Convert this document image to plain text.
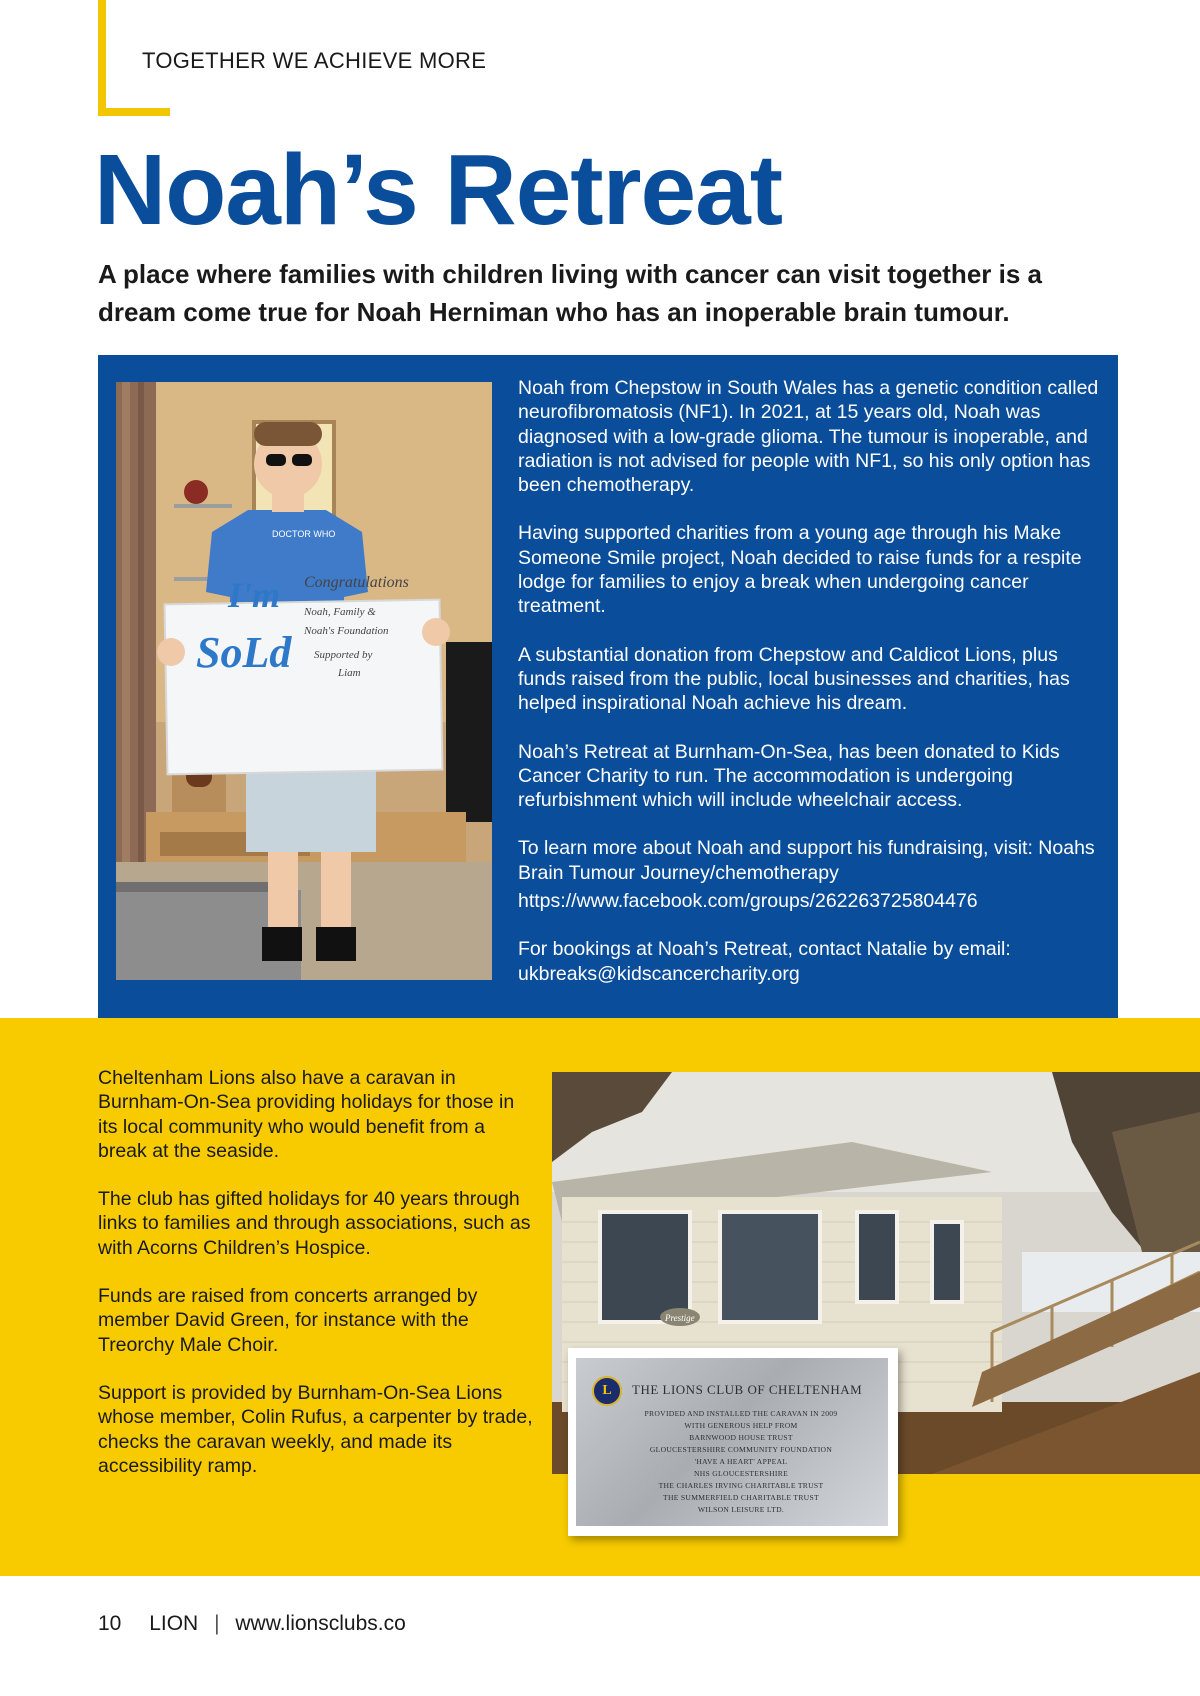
TOGETHER WE ACHIEVE MORE
Noah’s Retreat

A place where families with children living with cancer can visit together is a dream come true for Noah Herniman who has an inoperable brain tumour.

DOCTOR WHO
I'm
SoLd
Congratulations
Noah, Family &
Noah's Foundation
Supported by
Liam

Noah from Chepstow in South Wales has a genetic condition called neurofibromatosis (NF1). In 2021, at 15 years old, Noah was diagnosed with a low-grade glioma. The tumour is inoperable, and radiation is not advised for people with NF1, so his only option has been chemotherapy.

Having supported charities from a young age through his Make Someone Smile project, Noah decided to raise funds for a respite lodge for families to enjoy a break when undergoing cancer treatment.

A substantial donation from Chepstow and Caldicot Lions, plus funds raised from the public, local businesses and charities, has helped inspirational Noah achieve his dream.

Noah’s Retreat at Burnham-On-Sea, has been donated to Kids Cancer Charity to run. The accommodation is undergoing refurbishment which will include wheelchair access.

To learn more about Noah and support his fundraising, visit: Noahs Brain Tumour Journey/chemotherapy

https://www.facebook.com/groups/262263725804476

For bookings at Noah’s Retreat, contact Natalie by email: ukbreaks@kidscancercharity.org

Cheltenham Lions also have a caravan in Burnham-On-Sea providing holidays for those in its local community who would benefit from a break at the seaside.

The club has gifted holidays for 40 years through links to families and through associations, such as with Acorns Children’s Hospice.

Funds are raised from concerts arranged by member David Green, for instance with the Treorchy Male Choir.

Support is provided by Burnham-On-Sea Lions whose member, Colin Rufus, a carpenter by trade, checks the caravan weekly, and made its accessibility ramp.

Prestige
L	THE LIONS CLUB OF CHELTENHAM
PROVIDED AND INSTALLED THE CARAVAN IN 2009
WITH GENEROUS HELP FROM
BARNWOOD HOUSE TRUST
GLOUCESTERSHIRE COMMUNITY FOUNDATION
'HAVE A HEART' APPEAL
NHS GLOUCESTERSHIRE
THE CHARLES IRVING CHARITABLE TRUST
THE SUMMERFIELD CHARITABLE TRUST
WILSON LEISURE LTD.
10 LION | www.lionsclubs.co
